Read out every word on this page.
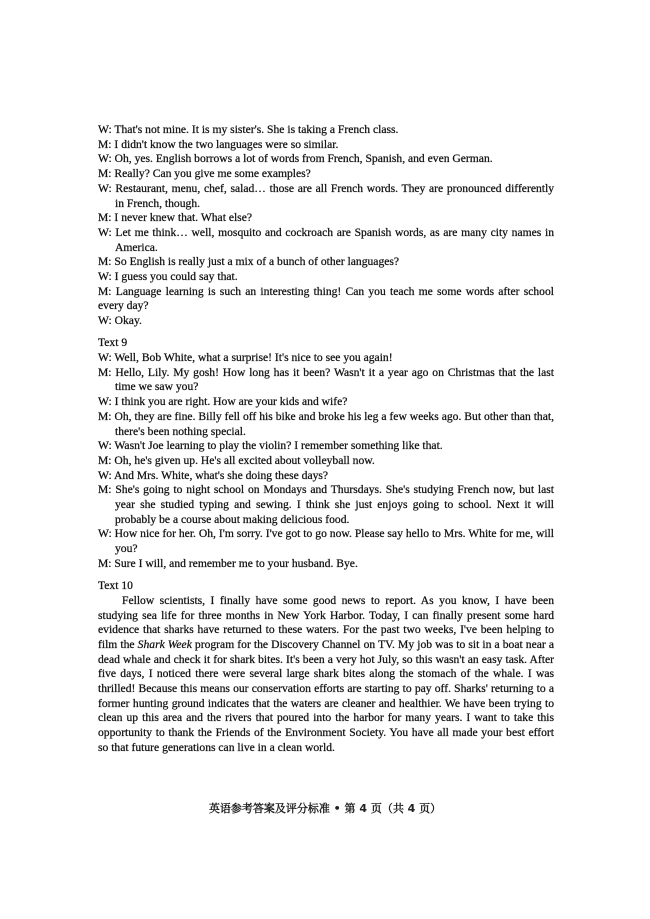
W: That's not mine. It is my sister's. She is taking a French class.
M: I didn't know the two languages were so similar.
W: Oh, yes. English borrows a lot of words from French, Spanish, and even German.
M: Really? Can you give me some examples?
W: Restaurant, menu, chef, salad… those are all French words. They are pronounced differently in French, though.
M: I never knew that. What else?
W: Let me think… well, mosquito and cockroach are Spanish words, as are many city names in America.
M: So English is really just a mix of a bunch of other languages?
W: I guess you could say that.
M: Language learning is such an interesting thing! Can you teach me some words after school every day?
W: Okay.
Text 9
W: Well, Bob White, what a surprise! It's nice to see you again!
M: Hello, Lily. My gosh! How long has it been? Wasn't it a year ago on Christmas that the last time we saw you?
W: I think you are right. How are your kids and wife?
M: Oh, they are fine. Billy fell off his bike and broke his leg a few weeks ago. But other than that, there's been nothing special.
W: Wasn't Joe learning to play the violin? I remember something like that.
M: Oh, he's given up. He's all excited about volleyball now.
W: And Mrs. White, what's she doing these days?
M: She's going to night school on Mondays and Thursdays. She's studying French now, but last year she studied typing and sewing. I think she just enjoys going to school. Next it will probably be a course about making delicious food.
W: How nice for her. Oh, I'm sorry. I've got to go now. Please say hello to Mrs. White for me, will you?
M: Sure I will, and remember me to your husband. Bye.
Text 10
Fellow scientists, I finally have some good news to report. As you know, I have been studying sea life for three months in New York Harbor. Today, I can finally present some hard evidence that sharks have returned to these waters. For the past two weeks, I've been helping to film the Shark Week program for the Discovery Channel on TV. My job was to sit in a boat near a dead whale and check it for shark bites. It's been a very hot July, so this wasn't an easy task. After five days, I noticed there were several large shark bites along the stomach of the whale. I was thrilled! Because this means our conservation efforts are starting to pay off. Sharks' returning to a former hunting ground indicates that the waters are cleaner and healthier. We have been trying to clean up this area and the rivers that poured into the harbor for many years. I want to take this opportunity to thank the Friends of the Environment Society. You have all made your best effort so that future generations can live in a clean world.
英语参考答案及评分标准 • 第 4 页（共 4 页）
